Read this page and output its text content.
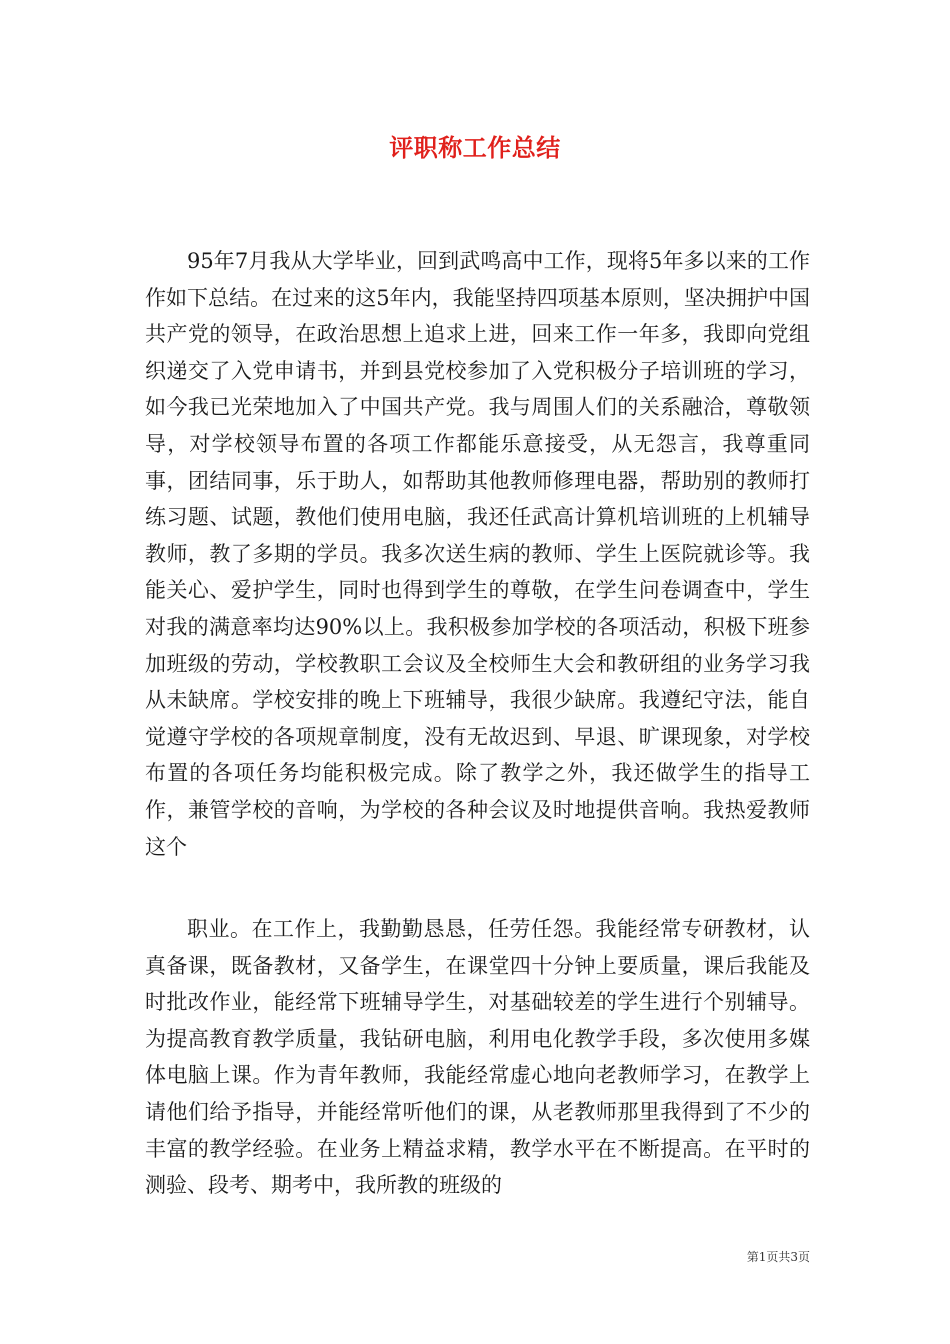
评职称工作总结

95年7月我从大学毕业，回到武鸣高中工作，现将5年多以来的工作作如下总结。在过来的这5年内，我能坚持四项基本原则，坚决拥护中国共产党的领导，在政治思想上追求上进，回来工作一年多，我即向党组织递交了入党申请书，并到县党校参加了入党积极分子培训班的学习，如今我已光荣地加入了中国共产党。我与周围人们的关系融洽，尊敬领导，对学校领导布置的各项工作都能乐意接受，从无怨言，我尊重同事，团结同事，乐于助人，如帮助其他教师修理电器，帮助别的教师打练习题、试题，教他们使用电脑，我还任武高计算机培训班的上机辅导教师，教了多期的学员。我多次送生病的教师、学生上医院就诊等。我能关心、爱护学生，同时也得到学生的尊敬，在学生问卷调查中，学生对我的满意率均达90%以上。我积极参加学校的各项活动，积极下班参加班级的劳动，学校教职工会议及全校师生大会和教研组的业务学习我从未缺席。学校安排的晚上下班辅导，我很少缺席。我遵纪守法，能自觉遵守学校的各项规章制度，没有无故迟到、早退、旷课现象，对学校布置的各项任务均能积极完成。除了教学之外，我还做学生的指导工作，兼管学校的音响，为学校的各种会议及时地提供音响。我热爱教师这个

职业。在工作上，我勤勤恳恳，任劳任怨。我能经常专研教材，认真备课，既备教材，又备学生，在课堂四十分钟上要质量，课后我能及时批改作业，能经常下班辅导学生，对基础较差的学生进行个别辅导。为提高教育教学质量，我钻研电脑，利用电化教学手段，多次使用多媒体电脑上课。作为青年教师，我能经常虚心地向老教师学习，在教学上请他们给予指导，并能经常听他们的课，从老教师那里我得到了不少的丰富的教学经验。在业务上精益求精，教学水平在不断提高。在平时的测验、段考、期考中，我所教的班级的

第1页共3页
